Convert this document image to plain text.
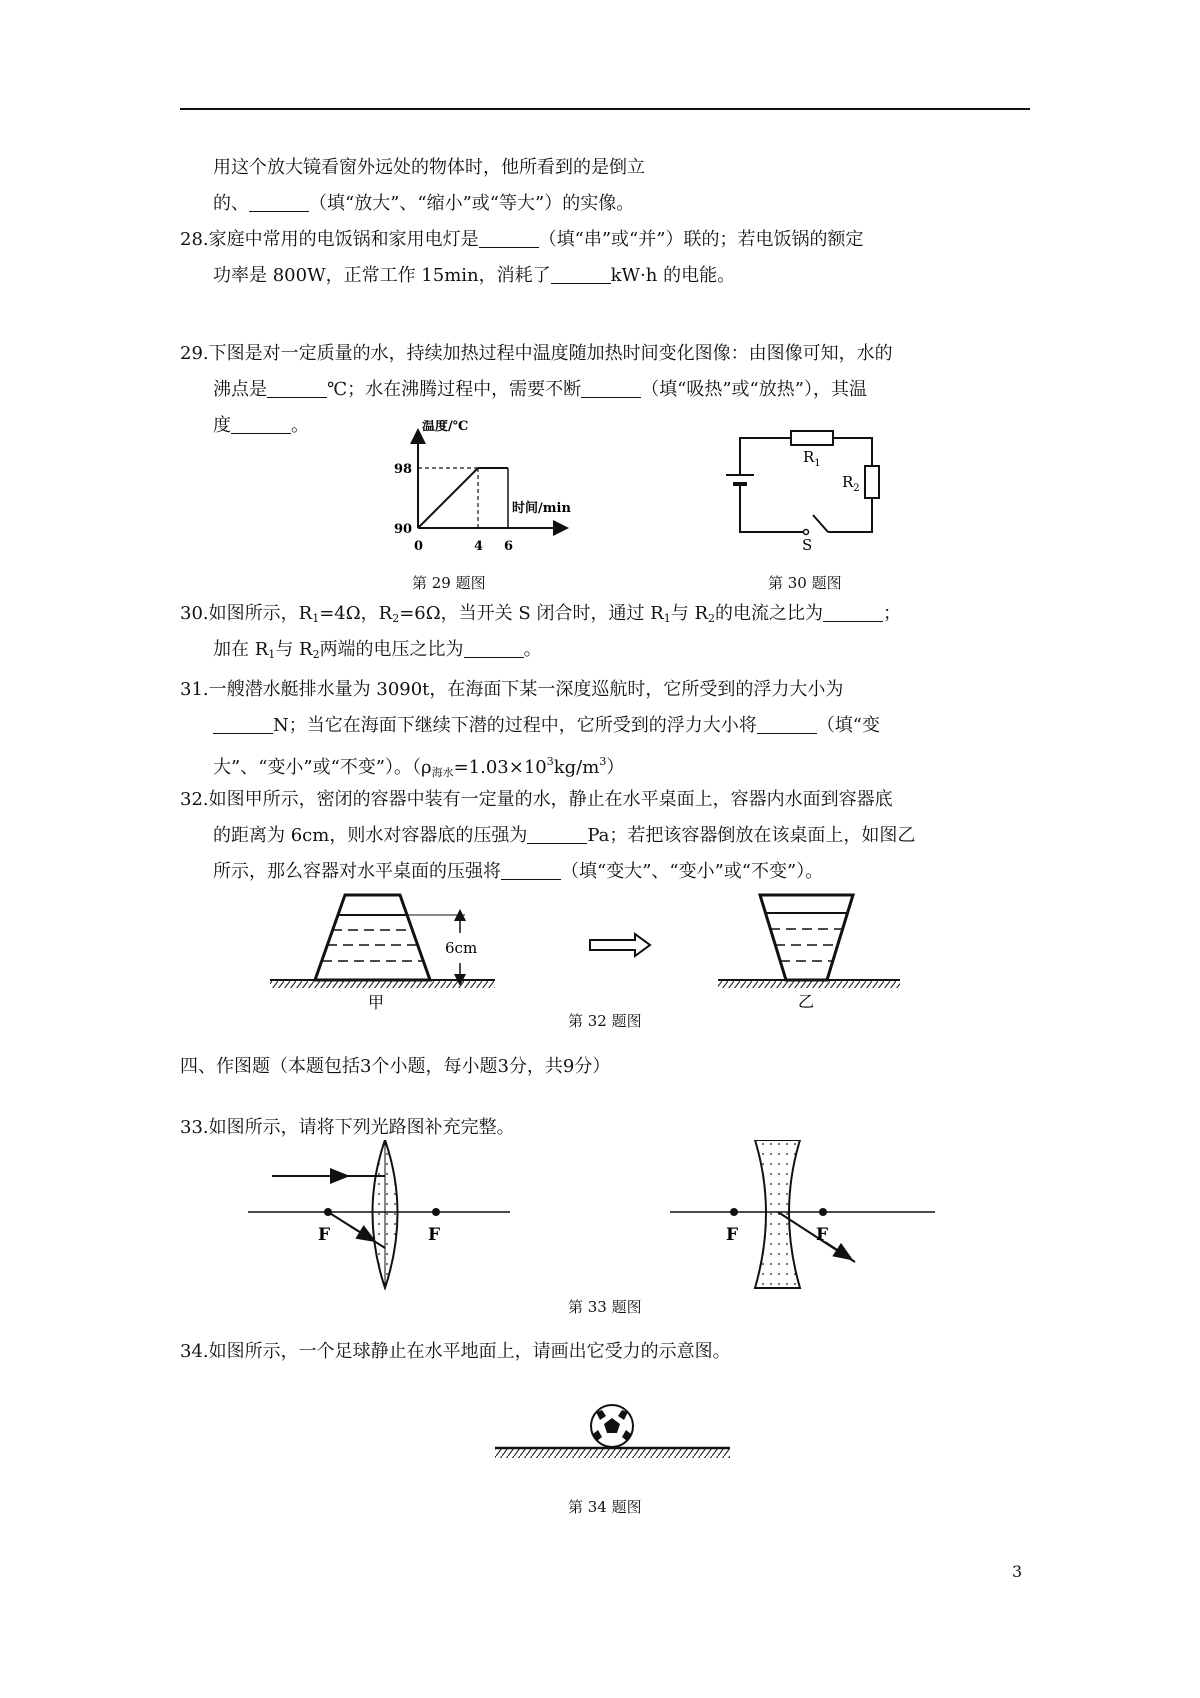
用这个放大镜看窗外远处的物体时，他所看到的是倒立
的、	（填“放大”、“缩小”或“等大”）的实像。
28.家庭中常用的电饭锅和家用电灯是	（填“串”或“并”）联的；若电饭锅的额定
功率是 800W，正常工作 15min，消耗了	kW·h 的电能。
29.下图是对一定质量的水，持续加热过程中温度随加热时间变化图像：由图像可知，水的
沸点是	℃；水在沸腾过程中，需要不断	（填“吸热”或“放热”），其温
度	。	温度/℃
时间/min
0	4 6
90
98
第 29 题图
$R_1$
$R_2$
S
第 30 题图
30.如图所示，$R_1=4\Omega$，$R_2=6\Omega$，当开关 S 闭合时，通过 $R_1$与 $R_2$的电流之比为	；
加在 $R_1$与 $R_2$两端的电压之比为	。
31.一艘潜水艇排水量为 3090t，在海面下某一深度巡航时，它所受到的浮力大小为
N；当它在海面下继续下潜的过程中，它所受到的浮力大小将	（填“变
大”、“变小”或“不变”）。$(\rho_{海水}=1.03\times 10^3kg/m^3)$
32.如图甲所示，密闭的容器中装有一定量的水，静止在水平桌面上，容器内水面到容器底
的距离为 6cm，则水对容器底的压强为	Pa；若把该容器倒放在该桌面上，如图乙
所示，那么容器对水平桌面的压强将	（填“变大”、“变小”或“不变”）。
6cm
甲	乙
第 32 题图
四、作图题（本题包括3个小题，每小题3分，共9分）
33.如图所示，请将下列光路图补充完整。
F	F	F	F
第 33 题图
34.如图所示，一个足球静止在水平地面上，请画出它受力的示意图。
第 34 题图
3
